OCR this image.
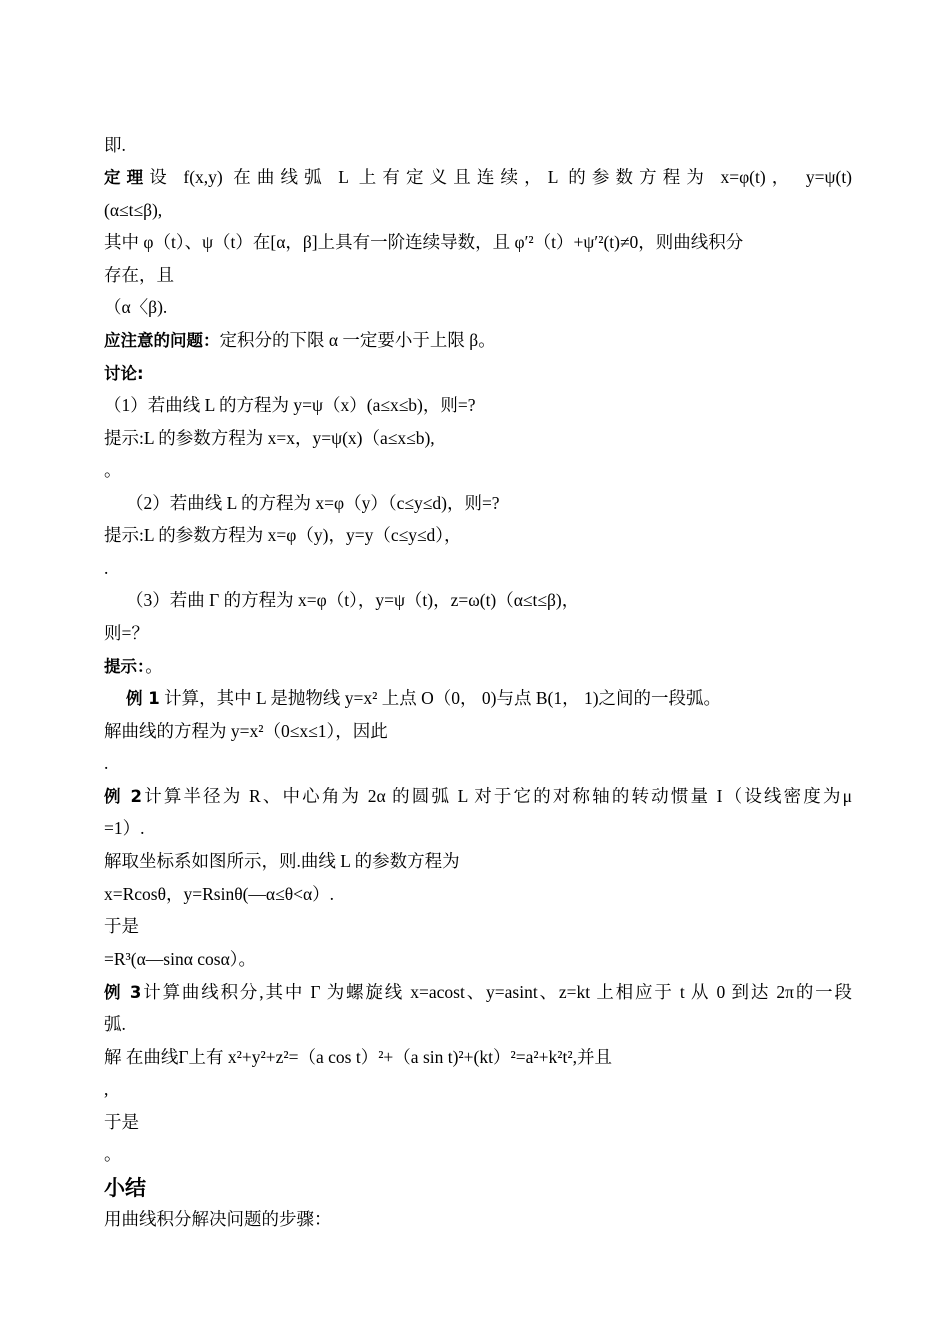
即.
定理设 f(x,y) 在曲线弧 L 上有定义且连续，L 的参数方程为 x=φ(t)， y=ψ(t)
(α≤t≤β),
其中 φ（t）、ψ（t）在[α，β]上具有一阶连续导数，且 φ′²（t）+ψ′²(t)≠0，则曲线积分
存在，且
（α〈β).
应注意的问题：定积分的下限 α 一定要小于上限 β。
讨论:
（1）若曲线 L 的方程为 y=ψ（x）(a≤x≤b)，则=?
提示:L 的参数方程为 x=x，y=ψ(x)（a≤x≤b),
。
（2）若曲线 L 的方程为 x=φ（y）（c≤y≤d)，则=?
提示:L 的参数方程为 x=φ（y)，y=y（c≤y≤d），
.
（3）若曲 Γ 的方程为 x=φ（t），y=ψ（t)，z=ω(t)（α≤t≤β)，
则=？
提示：。
例 1 计算，其中 L 是抛物线 y=x² 上点 O（0， 0)与点 B(1， 1)之间的一段弧。
解曲线的方程为 y=x²（0≤x≤1），因此
.
例 2计算半径为 R、中心角为 2α 的圆弧 L 对于它的对称轴的转动惯量 I（设线密度为μ
=1）.
解取坐标系如图所示，则.曲线 L 的参数方程为
x=Rcosθ，y=Rsinθ(—α≤θ<α）.
于是
=R³(α—sinα cosα）。
例 3计算曲线积分,其中 Γ 为螺旋线 x=acost、y=asint、z=kt 上相应于 t 从 0 到达 2π的一段
弧.
解 在曲线Γ上有 x²+y²+z²=（a cos t）²+（a sin t)²+(kt）²=a²+k²t²,并且
,
于是
。
小结
用曲线积分解决问题的步骤：
